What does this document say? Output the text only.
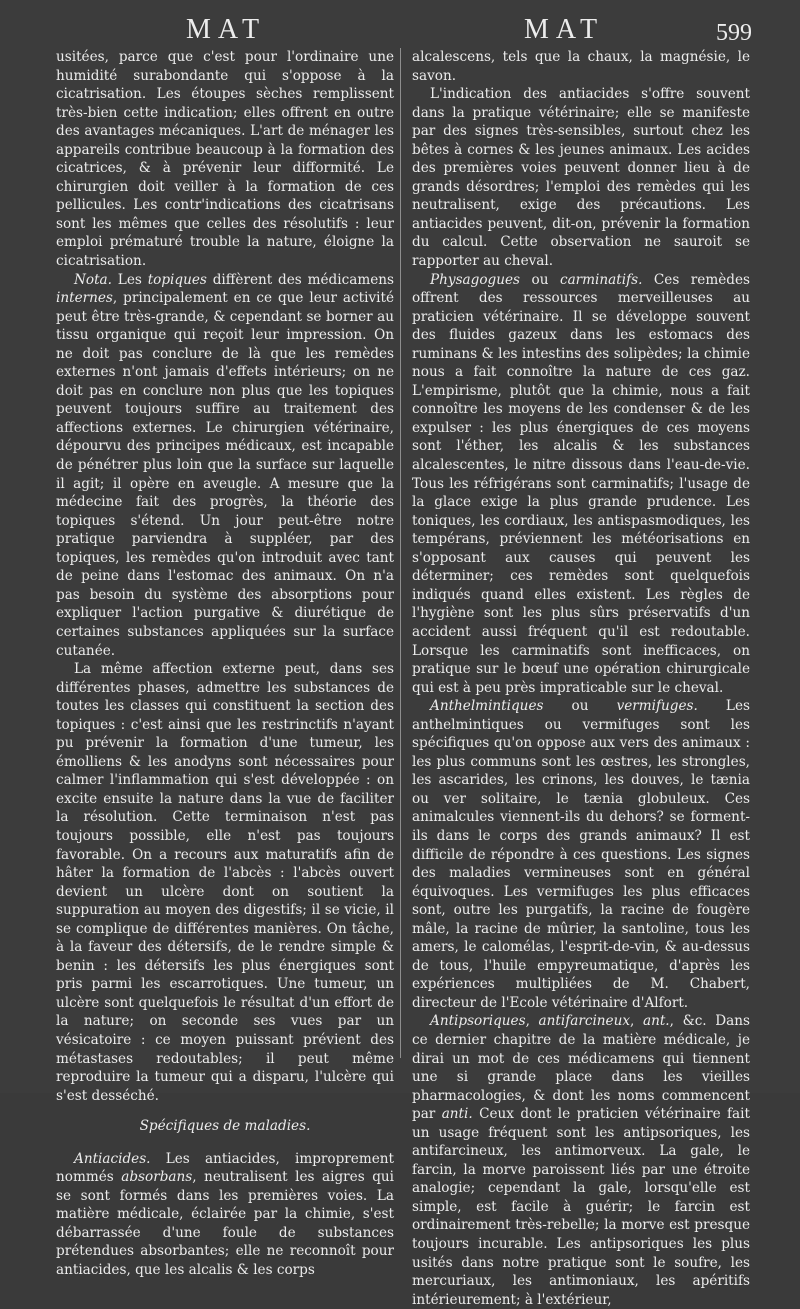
MAT	MAT	599

usitées, parce que c'est pour l'ordinaire une humidité surabondante qui s'oppose à la cicatrisation. Les étoupes sèches remplissent très-bien cette indication; elles offrent en outre des avantages mécaniques. L'art de ménager les appareils contribue beaucoup à la formation des cicatrices, & à prévenir leur difformité. Le chirurgien doit veiller à la formation de ces pellicules. Les contr'indications des cicatrisans sont les mêmes que celles des résolutifs : leur emploi prématuré trouble la nature, éloigne la cicatrisation.

Nota. Les topiques diffèrent des médicamens internes, principalement en ce que leur activité peut être très-grande, & cependant se borner au tissu organique qui reçoit leur impression. On ne doit pas conclure de là que les remèdes externes n'ont jamais d'effets intérieurs; on ne doit pas en conclure non plus que les topiques peuvent toujours suffire au traitement des affections externes. Le chirurgien vétérinaire, dépourvu des principes médicaux, est incapable de pénétrer plus loin que la surface sur laquelle il agit; il opère en aveugle. A mesure que la médecine fait des progrès, la théorie des topiques s'étend. Un jour peut-être notre pratique parviendra à suppléer, par des topiques, les remèdes qu'on introduit avec tant de peine dans l'estomac des animaux. On n'a pas besoin du système des absorptions pour expliquer l'action purgative & diurétique de certaines substances appliquées sur la surface cutanée.

La même affection externe peut, dans ses différentes phases, admettre les substances de toutes les classes qui constituent la section des topiques : c'est ainsi que les restrinctifs n'ayant pu prévenir la formation d'une tumeur, les émolliens & les anodyns sont nécessaires pour calmer l'inflammation qui s'est développée : on excite ensuite la nature dans la vue de faciliter la résolution. Cette terminaison n'est pas toujours possible, elle n'est pas toujours favorable. On a recours aux maturatifs afin de hâter la formation de l'abcès : l'abcès ouvert devient un ulcère dont on soutient la suppuration au moyen des digestifs; il se vicie, il se complique de différentes manières. On tâche, à la faveur des détersifs, de le rendre simple & benin : les détersifs les plus énergiques sont pris parmi les escarrotiques. Une tumeur, un ulcère sont quelquefois le résultat d'un effort de la nature; on seconde ses vues par un vésicatoire : ce moyen puissant prévient des métastases redoutables; il peut même reproduire la tumeur qui a disparu, l'ulcère qui s'est desséché.

Spécifiques de maladies.

Antiacides. Les antiacides, improprement nommés absorbans, neutralisent les aigres qui se sont formés dans les premières voies. La matière médicale, éclairée par la chimie, s'est débarrassée d'une foule de substances prétendues absorbantes; elle ne reconnoît pour antiacides, que les alcalis & les corps

alcalescens, tels que la chaux, la magnésie, le savon.

L'indication des antiacides s'offre souvent dans la pratique vétérinaire; elle se manifeste par des signes très-sensibles, surtout chez les bêtes à cornes & les jeunes animaux. Les acides des premières voies peuvent donner lieu à de grands désordres; l'emploi des remèdes qui les neutralisent, exige des précautions. Les antiacides peuvent, dit-on, prévenir la formation du calcul. Cette observation ne sauroit se rapporter au cheval.

Physagogues ou carminatifs. Ces remèdes offrent des ressources merveilleuses au praticien vétérinaire. Il se développe souvent des fluides gazeux dans les estomacs des ruminans & les intestins des solipèdes; la chimie nous a fait connoître la nature de ces gaz. L'empirisme, plutôt que la chimie, nous a fait connoître les moyens de les condenser & de les expulser : les plus énergiques de ces moyens sont l'éther, les alcalis & les substances alcalescentes, le nitre dissous dans l'eau-de-vie. Tous les réfrigérans sont carminatifs; l'usage de la glace exige la plus grande prudence. Les toniques, les cordiaux, les antispasmodiques, les tempérans, préviennent les météorisations en s'opposant aux causes qui peuvent les déterminer; ces remèdes sont quelquefois indiqués quand elles existent. Les règles de l'hygiène sont les plus sûrs préservatifs d'un accident aussi fréquent qu'il est redoutable. Lorsque les carminatifs sont inefficaces, on pratique sur le bœuf une opération chirurgicale qui est à peu près impraticable sur le cheval.

Anthelmintiques ou vermifuges. Les anthelmintiques ou vermifuges sont les spécifiques qu'on oppose aux vers des animaux : les plus communs sont les œstres, les strongles, les ascarides, les crinons, les douves, le tænia ou ver solitaire, le tænia globuleux. Ces animalcules viennent-ils du dehors? se forment-ils dans le corps des grands animaux? Il est difficile de répondre à ces questions. Les signes des maladies vermineuses sont en général équivoques. Les vermifuges les plus efficaces sont, outre les purgatifs, la racine de fougère mâle, la racine de mûrier, la santoline, tous les amers, le calomélas, l'esprit-de-vin, & au-dessus de tous, l'huile empyreumatique, d'après les expériences multipliées de M. Chabert, directeur de l'Ecole vétérinaire d'Alfort.

Antipsoriques, antifarcineux, ant., &c. Dans ce dernier chapitre de la matière médicale, je dirai un mot de ces médicamens qui tiennent une si grande place dans les vieilles pharmacologies, & dont les noms commencent par anti. Ceux dont le praticien vétérinaire fait un usage fréquent sont les antipsoriques, les antifarcineux, les antimorveux. La gale, le farcin, la morve paroissent liés par une étroite analogie; cependant la gale, lorsqu'elle est simple, est facile à guérir; le farcin est ordinairement très-rebelle; la morve est presque toujours incurable. Les antipsoriques les plus usités dans notre pratique sont le soufre, les mercuriaux, les antimoniaux, les apéritifs intérieurement; à l'extérieur,
